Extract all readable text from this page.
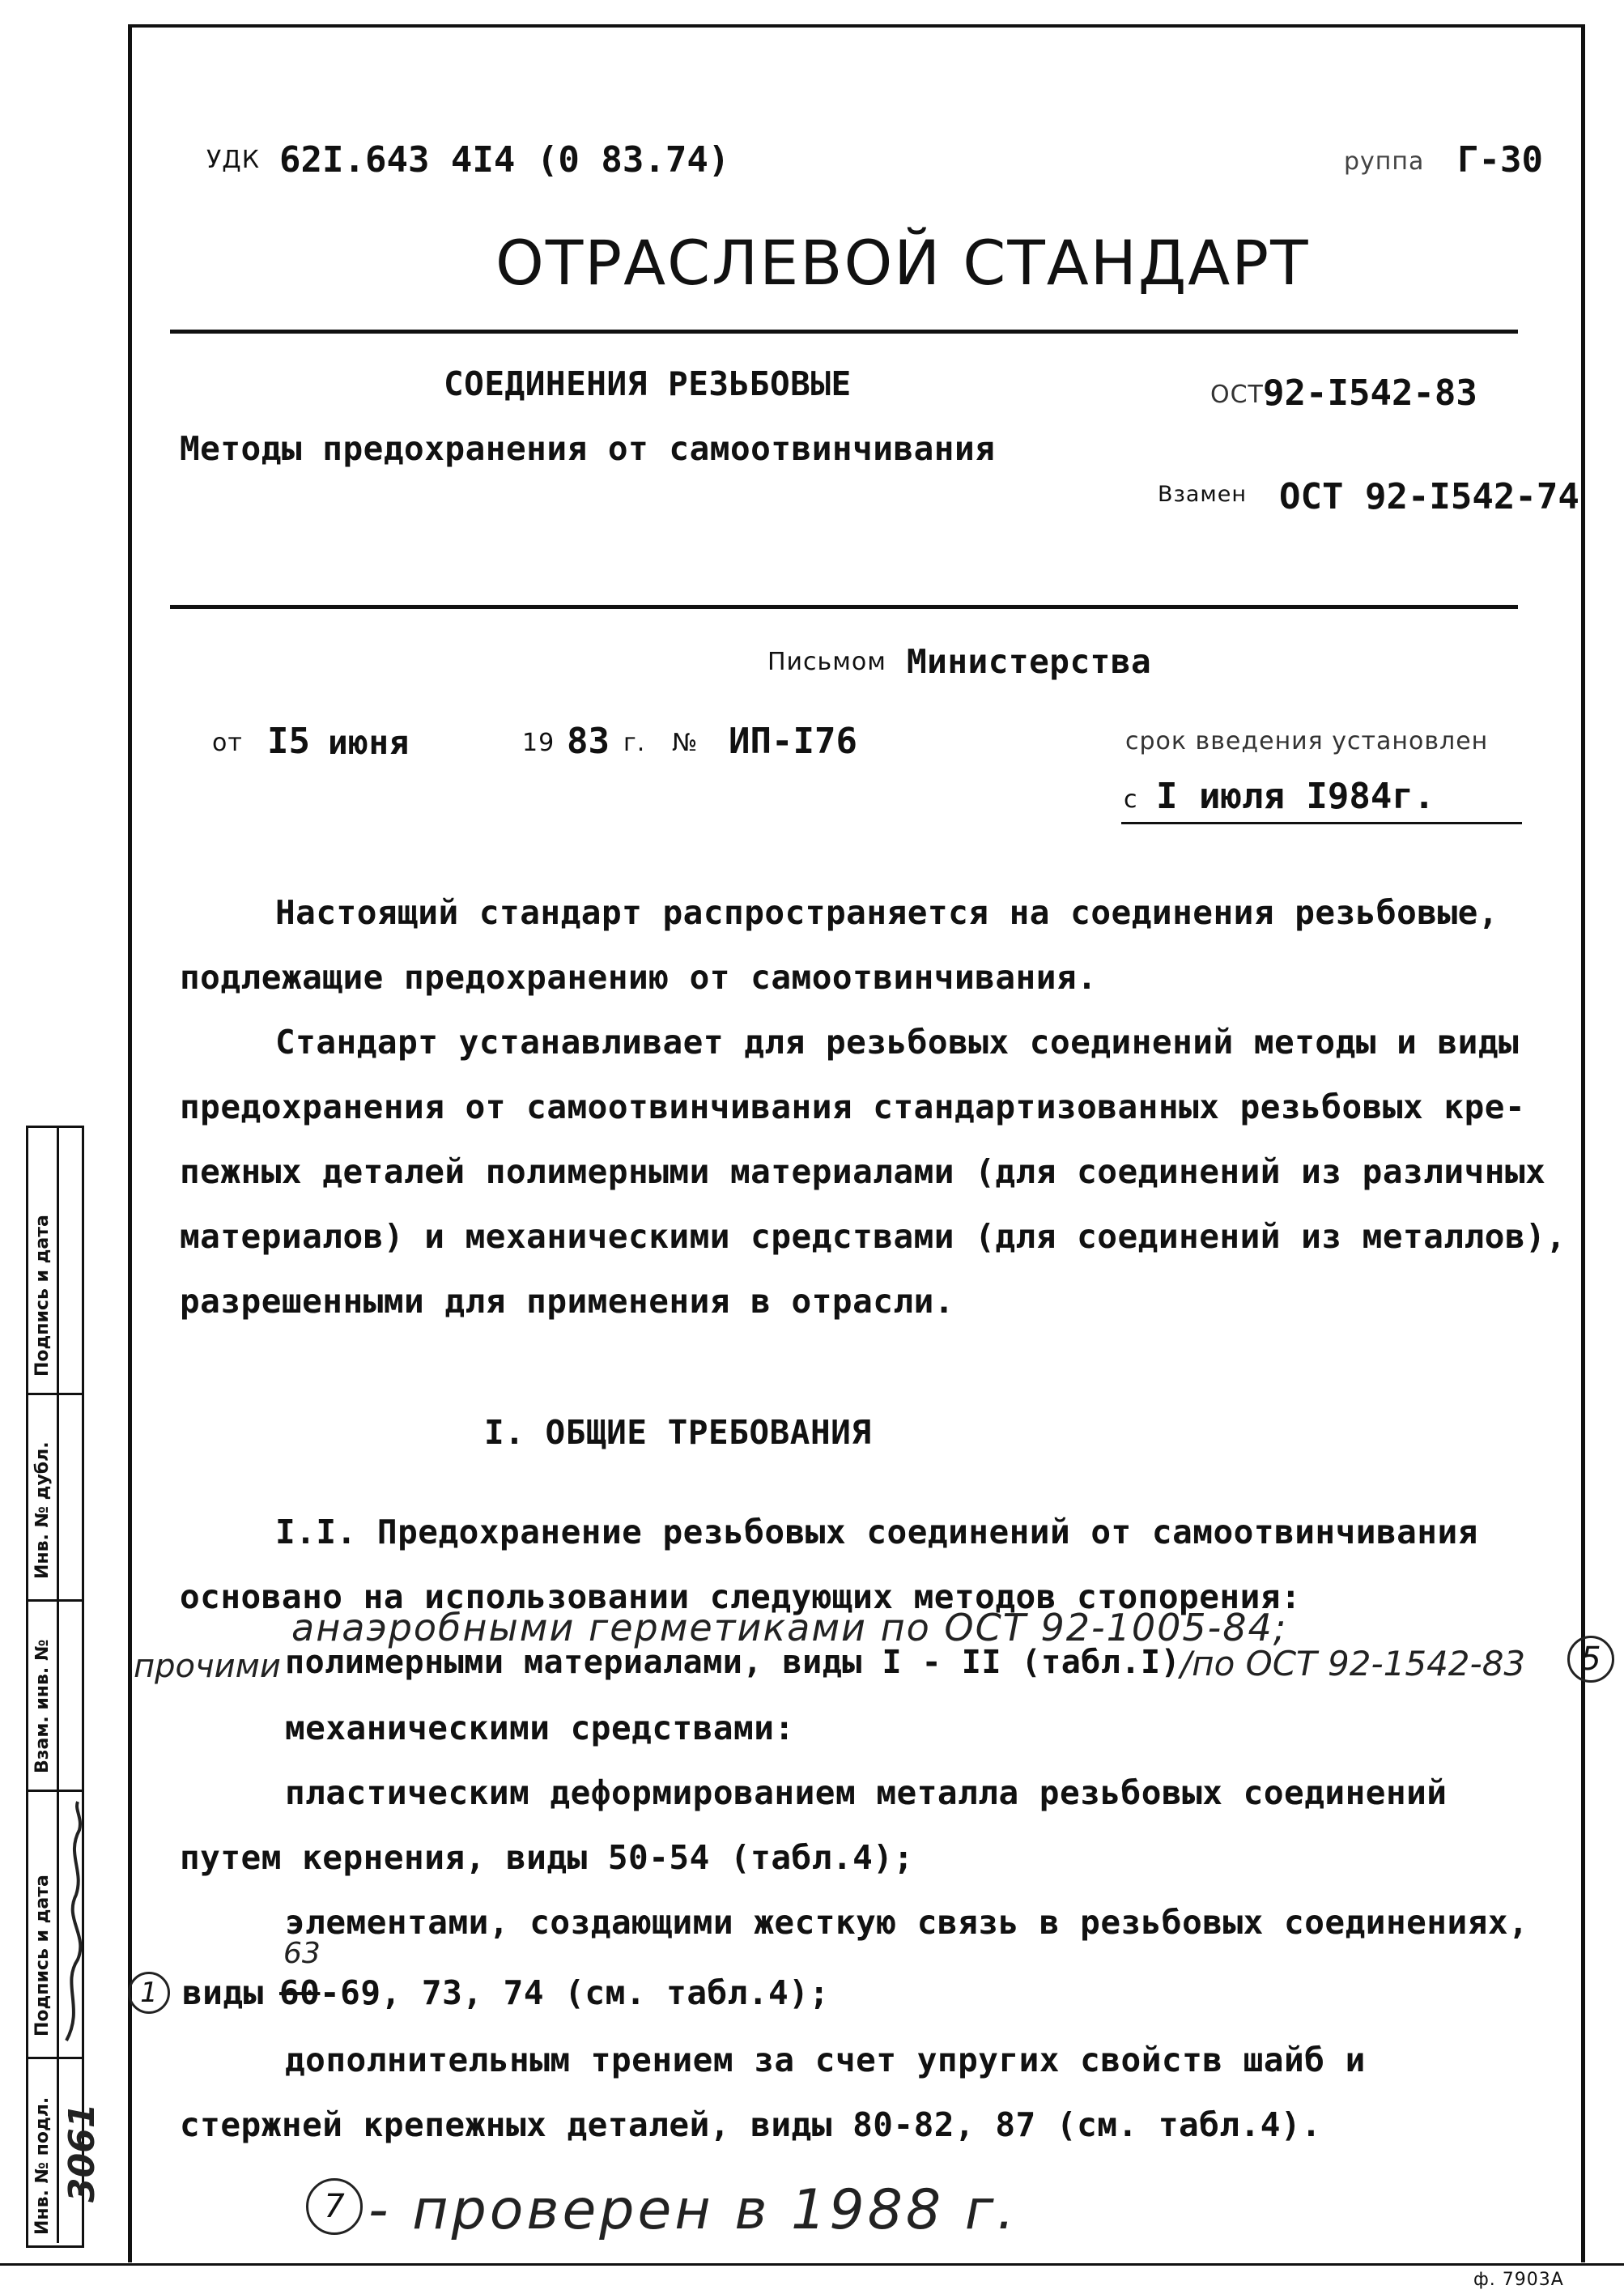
УДК 62I.643 4I4 (0 83.74)	руппа Г-30
ОТРАСЛЕВОЙ СТАНДАРТ
СОЕДИНЕНИЯ РЕЗЬБОВЫЕ
Методы предохранения от самоотвинчивания
ОСТ 92-I542-83
Взамен ОСТ 92-I542-74
Письмом Министерства
от I5 июня	19 83 г. № ИП-I76	срок введения установлен
с I июля I984г.
Настоящий стандарт распространяется на соединения резьбовые,
подлежащие предохранению от самоотвинчивания.
Стандарт устанавливает для резьбовых соединений методы и виды
предохранения от самоотвинчивания стандартизованных резьбовых кре-
пежных деталей полимерными материалами (для соединений из различных
материалов) и механическими средствами (для соединений из металлов),
разрешенными для применения в отрасли.
I. ОБЩИЕ ТРЕБОВАНИЯ
I.I. Предохранение резьбовых соединений от самоотвинчивания
основано на использовании следующих методов стопорения:
анаэробными герметиками по ОСТ 92-1005-84;
прочими полимерными материалами, виды I - II (табл.I) /по ОСТ 92-1542-83	5
механическими средствами:
пластическим деформированием металла резьбовых соединений
путем кернения, виды 50-54 (табл.4);
элементами, создающими жесткую связь в резьбовых соединениях,
1
63
виды 60 -69, 73, 74 (см. табл.4);
дополнительным трением за счет упругих свойств шайб и
стержней крепежных деталей, виды 80-82, 87 (см. табл.4).
7 - проверен в 1988 г.
Подпись и дата
Инв. № дубл.
Взам. инв. №
Подпись и дата
Инв. № подл. 3061
ф. 7903А
